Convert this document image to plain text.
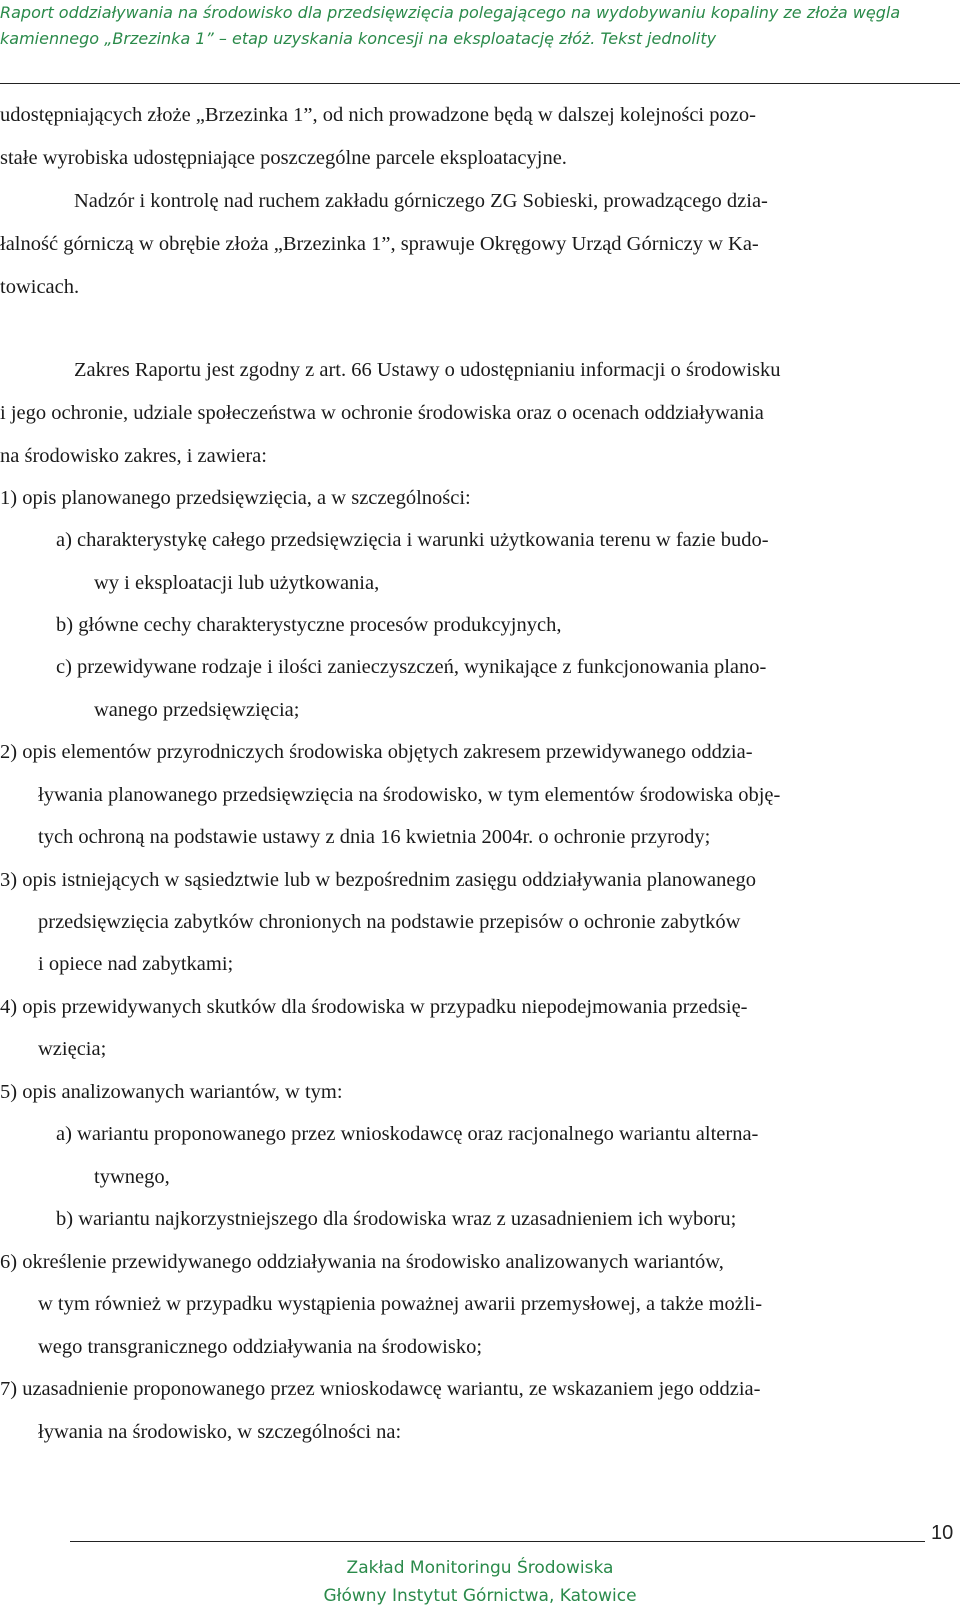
Raport oddziaływania na środowisko dla przedsięwzięcia polegającego na wydobywaniu kopaliny ze złoża węgla
kamiennego „Brzezinka 1” – etap uzyskania koncesji na eksploatację złóż. Tekst jednolity
udostępniających złoże „Brzezinka 1”, od nich prowadzone będą w dalszej kolejności pozo-
stałe wyrobiska udostępniające poszczególne parcele eksploatacyjne.
Nadzór i kontrolę nad ruchem zakładu górniczego ZG Sobieski, prowadzącego dzia-
łalność górniczą w obrębie złoża „Brzezinka 1”, sprawuje Okręgowy Urząd Górniczy w Ka-
towicach.
Zakres Raportu jest zgodny z art. 66 Ustawy o udostępnianiu informacji o środowisku
i jego ochronie, udziale społeczeństwa w ochronie środowiska oraz o ocenach oddziaływania
na środowisko zakres, i zawiera:
1) opis planowanego przedsięwzięcia, a w szczególności:
a) charakterystykę całego przedsięwzięcia i warunki użytkowania terenu w fazie budo-
wy i eksploatacji lub użytkowania,
b) główne cechy charakterystyczne procesów produkcyjnych,
c) przewidywane rodzaje i ilości zanieczyszczeń, wynikające z funkcjonowania plano-
wanego przedsięwzięcia;
2) opis elementów przyrodniczych środowiska objętych zakresem przewidywanego oddzia-
ływania planowanego przedsięwzięcia na środowisko, w tym elementów środowiska obję-
tych ochroną na podstawie ustawy z dnia 16 kwietnia 2004r. o ochronie przyrody;
3) opis istniejących w sąsiedztwie lub w bezpośrednim zasięgu oddziaływania planowanego
przedsięwzięcia zabytków chronionych na podstawie przepisów o ochronie zabytków
i opiece nad zabytkami;
4) opis przewidywanych skutków dla środowiska w przypadku niepodejmowania przedsię-
wzięcia;
5) opis analizowanych wariantów, w tym:
a) wariantu proponowanego przez wnioskodawcę oraz racjonalnego wariantu alterna-
tywnego,
b) wariantu najkorzystniejszego dla środowiska wraz z uzasadnieniem ich wyboru;
6) określenie przewidywanego oddziaływania na środowisko analizowanych wariantów,
w tym również w przypadku wystąpienia poważnej awarii przemysłowej, a także możli-
wego transgranicznego oddziaływania na środowisko;
7) uzasadnienie proponowanego przez wnioskodawcę wariantu, ze wskazaniem jego oddzia-
ływania na środowisko, w szczególności na:
10
Zakład Monitoringu Środowiska
Główny Instytut Górnictwa, Katowice
